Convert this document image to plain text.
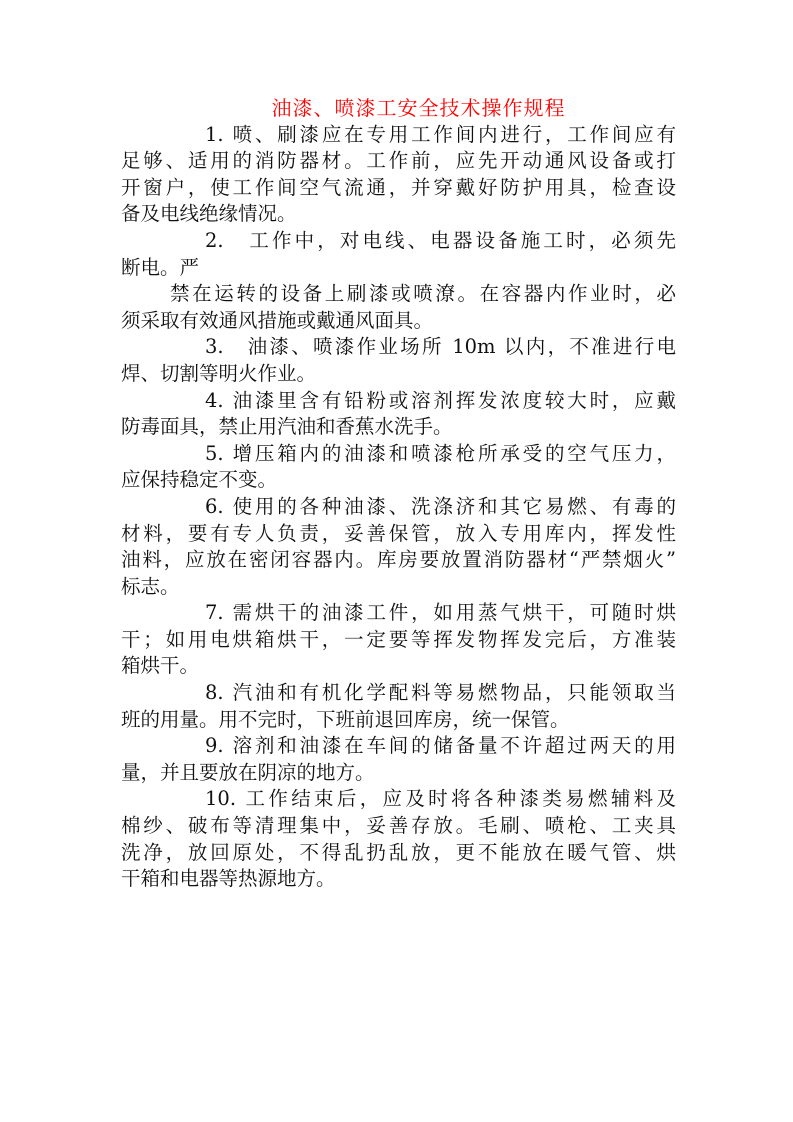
油漆、喷漆工安全技术操作规程
1. 喷、刷漆应在专用工作间内进行，工作间应有
足够、适用的消防器材。工作前，应先开动通风设备或打
开窗户，使工作间空气流通，并穿戴好防护用具，检查设
备及电线绝缘情况。
2.　工作中，对电线、电器设备施工时，必须先
断电。严
禁在运转的设备上刷漆或喷潦。在容器内作业时，必
须采取有效通风措施或戴通风面具。
3.　油漆、喷漆作业场所 10m 以内，不准进行电
焊、切割等明火作业。
4. 油漆里含有铅粉或溶剂挥发浓度较大时，应戴
防毒面具，禁止用汽油和香蕉水洗手。
5. 增压箱内的油漆和喷漆枪所承受的空气压力，
应保持稳定不变。
6. 使用的各种油漆、洗涤济和其它易燃、有毒的
材料，要有专人负责，妥善保管，放入专用库内，挥发性
油料，应放在密闭容器内。库房要放置消防器材“严禁烟火”
标志。
7. 需烘干的油漆工件，如用蒸气烘干，可随时烘
干；如用电烘箱烘干，一定要等挥发物挥发完后，方准装
箱烘干。
8. 汽油和有机化学配料等易燃物品，只能领取当
班的用量。用不完时，下班前退回库房，统一保管。
9. 溶剂和油漆在车间的储备量不许超过两天的用
量，并且要放在阴凉的地方。
10. 工作结束后，应及时将各种漆类易燃辅料及
棉纱、破布等清理集中，妥善存放。毛刷、喷枪、工夹具
洗净，放回原处，不得乱扔乱放，更不能放在暖气管、烘
干箱和电器等热源地方。
